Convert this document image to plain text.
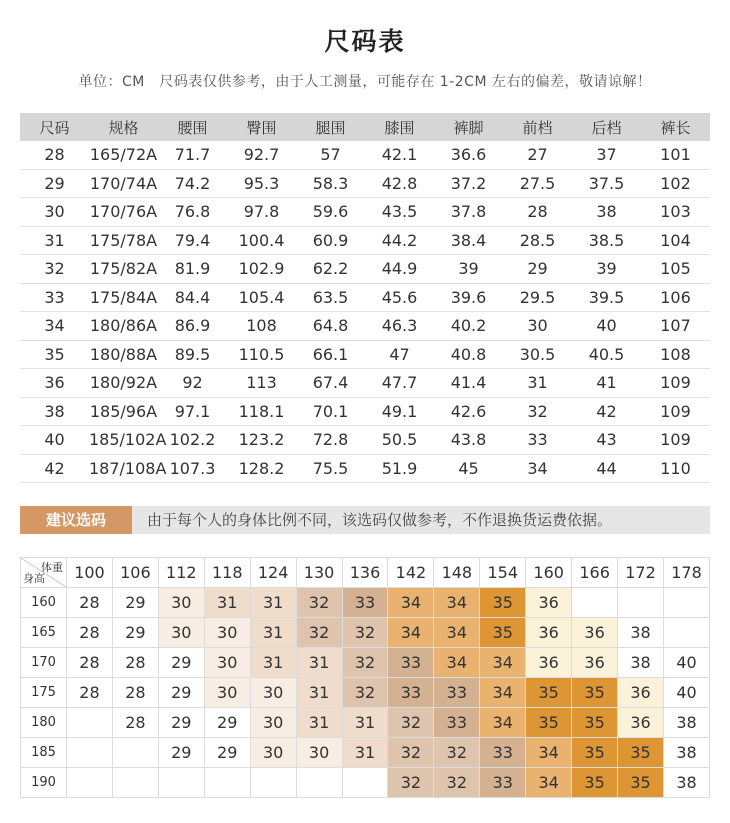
尺码表
单位：CM　尺码表仅供参考，由于人工测量，可能存在 1-2CM 左右的偏差，敬请谅解！
尺码	规格	腰围	臀围	腿围	膝围	裤脚	前档	后档	裤长
28	165/72A	71.7	92.7	57	42.1	36.6	27	37	101
29	170/74A	74.2	95.3	58.3	42.8	37.2	27.5	37.5	102
30	170/76A	76.8	97.8	59.6	43.5	37.8	28	38	103
31	175/78A	79.4	100.4	60.9	44.2	38.4	28.5	38.5	104
32	175/82A	81.9	102.9	62.2	44.9	39	29	39	105
33	175/84A	84.4	105.4	63.5	45.6	39.6	29.5	39.5	106
34	180/86A	86.9	108	64.8	46.3	40.2	30	40	107
35	180/88A	89.5	110.5	66.1	47	40.8	30.5	40.5	108
36	180/92A	92	113	67.4	47.7	41.4	31	41	109
38	185/96A	97.1	118.1	70.1	49.1	42.6	32	42	109
40	185/102A	102.2	123.2	72.8	50.5	43.8	33	43	109
42	187/108A	107.3	128.2	75.5	51.9	45	34	44	110
建议选码	由于每个人的身体比例不同，该选码仅做参考，不作退换货运费依据。
体重
身高	100	106	112	118	124	130	136	142	148	154	160	166	172	178
160	28	29	30	31	31	32	33	34	34	35	36			
165	28	29	30	30	31	32	32	34	34	35	36	36	38	
170	28	28	29	30	31	31	32	33	34	34	36	36	38	40
175	28	28	29	30	30	31	32	33	33	34	35	35	36	40
180		28	29	29	30	31	31	32	33	34	35	35	36	38
185			29	29	30	30	31	32	32	33	34	35	35	38
190								32	32	33	34	35	35	38
